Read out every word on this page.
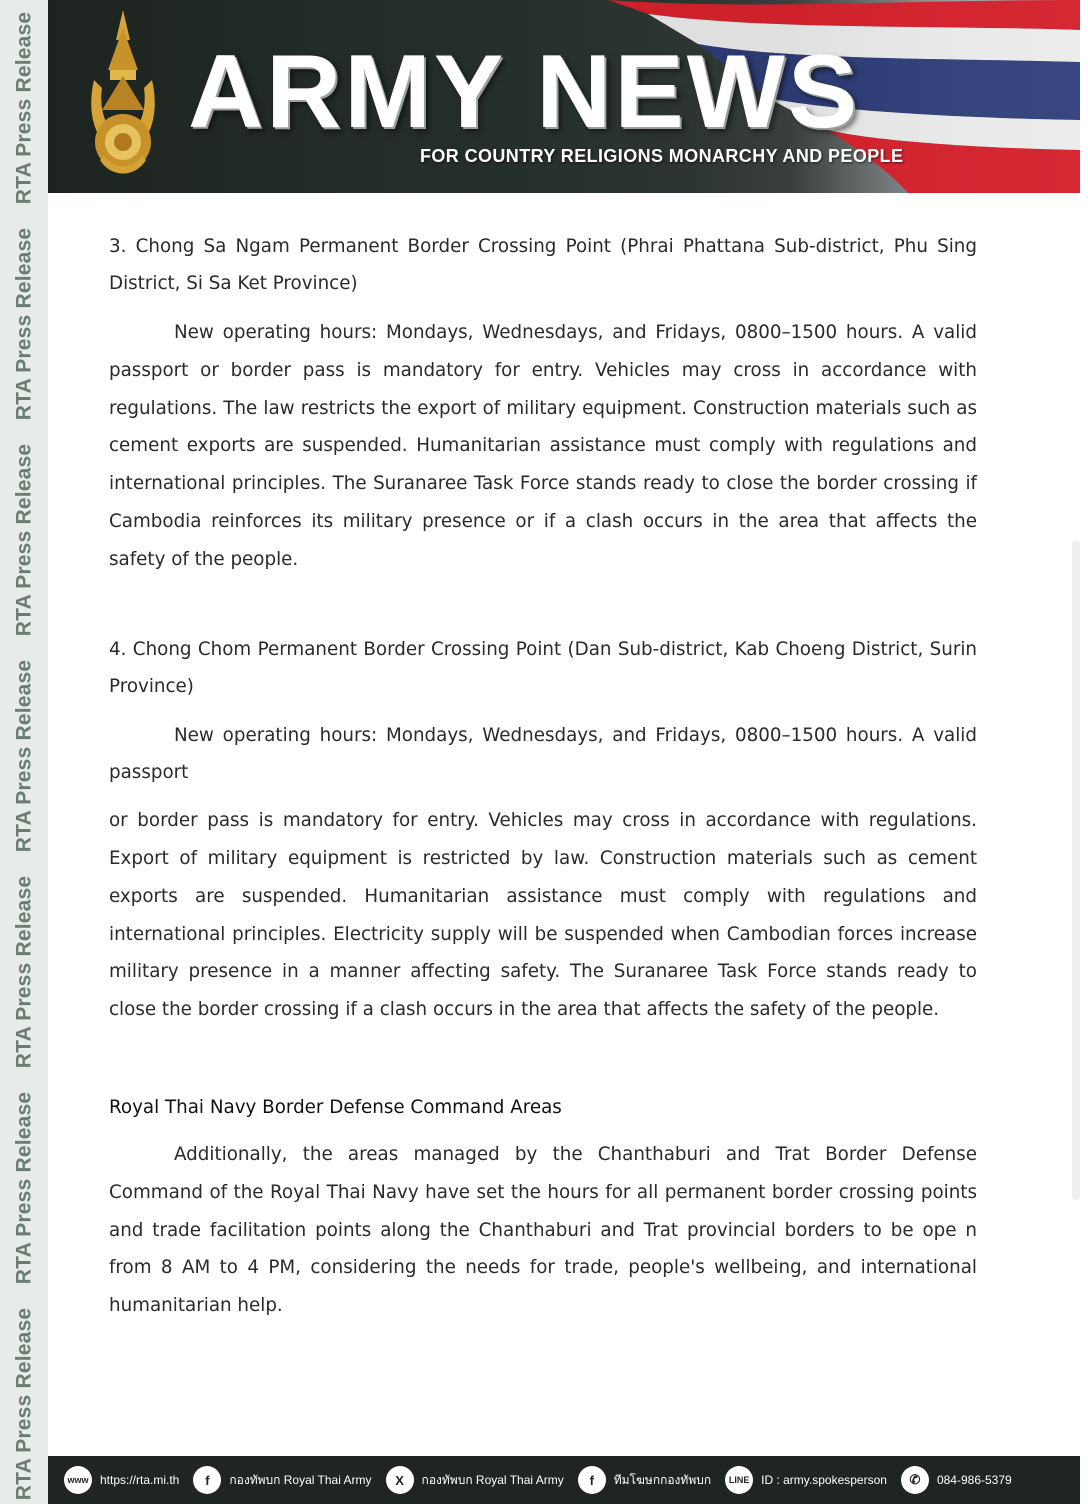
RTA Press Release
RTA Press Release
RTA Press Release
RTA Press Release
RTA Press Release
RTA Press Release
RTA Press Release
ARMY NEWS
FOR COUNTRY RELIGIONS MONARCHY AND PEOPLE

3. Chong Sa Ngam Permanent Border Crossing Point (Phrai Phattana Sub-district, Phu Sing District, Si Sa Ket Province)

New operating hours: Mondays, Wednesdays, and Fridays, 0800–1500 hours. A valid passport or border pass is mandatory for entry. Vehicles may cross in accordance with regulations. The law restricts the export of military equipment. Construction materials such as cement exports are suspended. Humanitarian assistance must comply with regulations and international principles. The Suranaree Task Force stands ready to close the border crossing if Cambodia reinforces its military presence or if a clash occurs in the area that affects the safety of the people.

4. Chong Chom Permanent Border Crossing Point (Dan Sub-district, Kab Choeng District, Surin Province)

New operating hours: Mondays, Wednesdays, and Fridays, 0800–1500 hours. A valid passport

or border pass is mandatory for entry. Vehicles may cross in accordance with regulations. Export of military equipment is restricted by law. Construction materials such as cement exports are suspended. Humanitarian assistance must comply with regulations and international principles. Electricity supply will be suspended when Cambodian forces increase military presence in a manner affecting safety. The Suranaree Task Force stands ready to close the border crossing if a clash occurs in the area that affects the safety of the people.

Royal Thai Navy Border Defense Command Areas

Additionally, the areas managed by the Chanthaburi and Trat Border Defense Command of the Royal Thai Navy have set the hours for all permanent border crossing points and trade facilitation points along the Chanthaburi and Trat provincial borders to be ope n from 8 AM to 4 PM, considering the needs for trade, people's wellbeing, and international humanitarian help.

www https://rta.mi.th	f	กองทัพบก Royal Thai Army	X	กองทัพบก Royal Thai Army	f	ทีมโฆษกกองทัพบก	LINE ID : army.spokesperson	✆	084-986-5379
